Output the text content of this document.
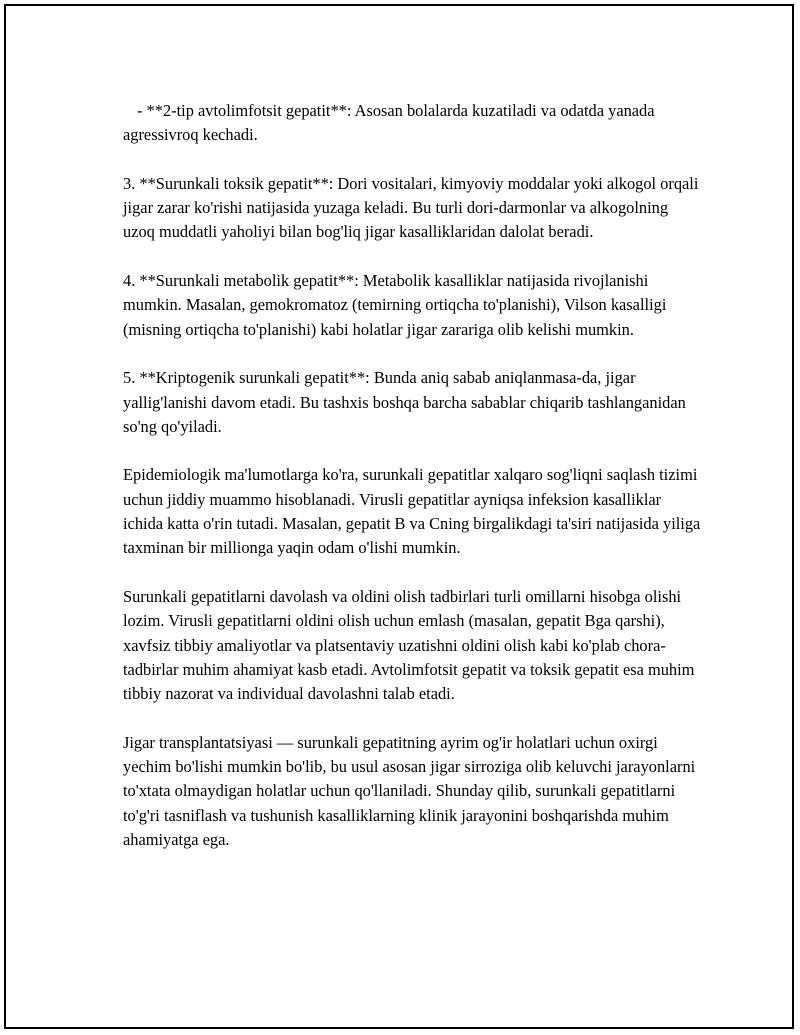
- **2-tip avtolimfotsit gepatit**: Asosan bolalarda kuzatiladi va odatda yanada agressivroq kechadi.

3. **Surunkali toksik gepatit**: Dori vositalari, kimyoviy moddalar yoki alkogol orqali jigar zarar ko'rishi natijasida yuzaga keladi. Bu turli dori-darmonlar va alkogolning uzoq muddatli yaholiyi bilan bog'liq jigar kasalliklaridan dalolat beradi.

4. **Surunkali metabolik gepatit**: Metabolik kasalliklar natijasida rivojlanishi mumkin. Masalan, gemokromatoz (temirning ortiqcha to'planishi), Vilson kasalligi (misning ortiqcha to'planishi) kabi holatlar jigar zarariga olib kelishi mumkin.

5. **Kriptogenik surunkali gepatit**: Bunda aniq sabab aniqlanmasa-da, jigar yallig'lanishi davom etadi. Bu tashxis boshqa barcha sabablar chiqarib tashlanganidan so'ng qo'yiladi.

Epidemiologik ma'lumotlarga ko'ra, surunkali gepatitlar xalqaro sog'liqni saqlash tizimi uchun jiddiy muammo hisoblanadi. Virusli gepatitlar ayniqsa infeksion kasalliklar ichida katta o'rin tutadi. Masalan, gepatit B va Cning birgalikdagi ta'siri natijasida yiliga taxminan bir millionga yaqin odam o'lishi mumkin.

Surunkali gepatitlarni davolash va oldini olish tadbirlari turli omillarni hisobga olishi lozim. Virusli gepatitlarni oldini olish uchun emlash (masalan, gepatit Bga qarshi), xavfsiz tibbiy amaliyotlar va platsentaviy uzatishni oldini olish kabi ko'plab chora-tadbirlar muhim ahamiyat kasb etadi. Avtolimfotsit gepatit va toksik gepatit esa muhim tibbiy nazorat va individual davolashni talab etadi.

Jigar transplantatsiyasi — surunkali gepatitning ayrim og'ir holatlari uchun oxirgi yechim bo'lishi mumkin bo'lib, bu usul asosan jigar sirroziga olib keluvchi jarayonlarni to'xtata olmaydigan holatlar uchun qo'llaniladi. Shunday qilib, surunkali gepatitlarni to'g'ri tasniflash va tushunish kasalliklarning klinik jarayonini boshqarishda muhim ahamiyatga ega.
